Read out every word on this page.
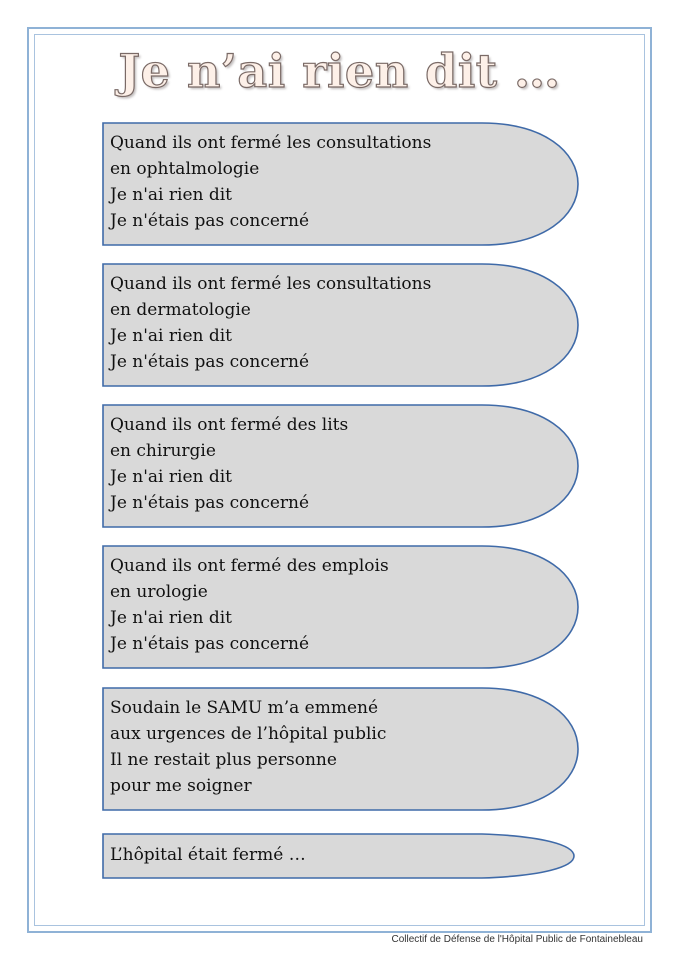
Je n’ai rien dit …
Quand ils ont fermé les consultations
en ophtalmologie
Je n'ai rien dit
Je n'étais pas concerné
Quand ils ont fermé les consultations
en dermatologie
Je n'ai rien dit
Je n'étais pas concerné
Quand ils ont fermé des lits
en chirurgie
Je n'ai rien dit
Je n'étais pas concerné
Quand ils ont fermé des emplois
en urologie
Je n'ai rien dit
Je n'étais pas concerné
Soudain le SAMU m’a emmené
aux urgences de l’hôpital public
Il ne restait plus personne
pour me soigner
L’hôpital était fermé …
Collectif de Défense de l'Hôpital Public de Fontainebleau
